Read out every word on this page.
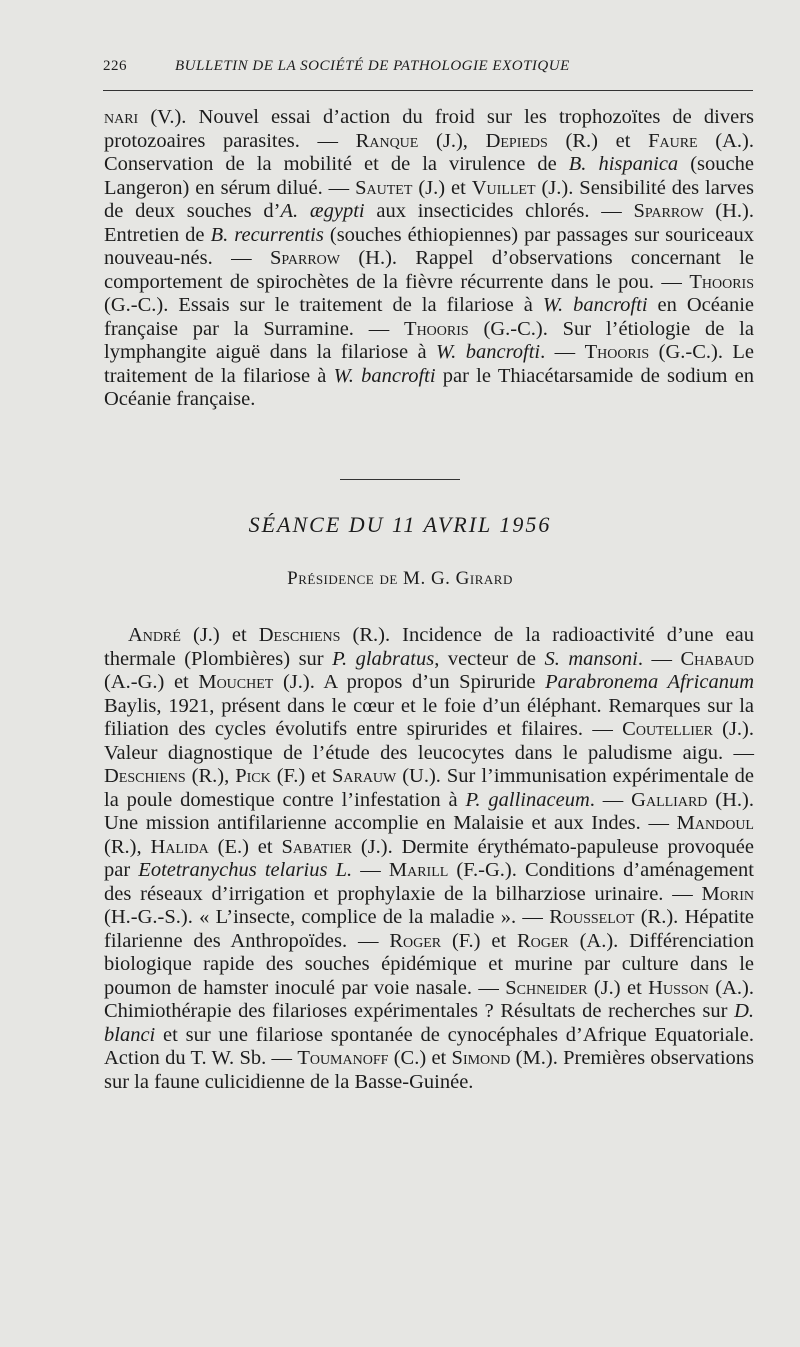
226	BULLETIN DE LA SOCIÉTÉ DE PATHOLOGIE EXOTIQUE

nari (V.). Nouvel essai d’action du froid sur les trophozoïtes de divers protozoaires parasites. — Ranque (J.), Depieds (R.) et Faure (A.). Conservation de la mobilité et de la virulence de B. hispanica (souche Langeron) en sérum dilué. — Sautet (J.) et Vuillet (J.). Sensibilité des larves de deux souches d’A. ægypti aux insecticides chlorés. — Sparrow (H.). Entretien de B. recurrentis (souches éthiopiennes) par passages sur souriceaux nouveau-nés. — Sparrow (H.). Rappel d’observations concernant le comportement de spirochètes de la fièvre récurrente dans le pou. — Thooris (G.-C.). Essais sur le traitement de la filariose à W. bancrofti en Océanie française par la Surramine. — Thooris (G.-C.). Sur l’étiologie de la lymphangite aiguë dans la filariose à W. bancrofti. — Thooris (G.-C.). Le traitement de la filariose à W. bancrofti par le Thiacétarsamide de sodium en Océanie française.

SÉANCE DU 11 AVRIL 1956
Présidence de M. G. Girard

André (J.) et Deschiens (R.). Incidence de la radioactivité d’une eau thermale (Plombières) sur P. glabratus, vecteur de S. mansoni. — Chabaud (A.-G.) et Mouchet (J.). A propos d’un Spiruride Parabronema Africanum Baylis, 1921, présent dans le cœur et le foie d’un éléphant. Remarques sur la filiation des cycles évolutifs entre spirurides et filaires. — Coutellier (J.). Valeur diagnostique de l’étude des leucocytes dans le paludisme aigu. — Deschiens (R.), Pick (F.) et Sarauw (U.). Sur l’immunisation expérimentale de la poule domestique contre l’infestation à P. gallinaceum. — Galliard (H.). Une mission antifilarienne accomplie en Malaisie et aux Indes. — Mandoul (R.), Halida (E.) et Sabatier (J.). Dermite érythémato-papuleuse provoquée par Eotetranychus telarius L. — Marill (F.-G.). Conditions d’aménagement des réseaux d’irrigation et prophylaxie de la bilharziose urinaire. — Morin (H.-G.-S.). « L’insecte, complice de la maladie ». — Rousselot (R.). Hépatite filarienne des Anthropoïdes. — Roger (F.) et Roger (A.). Différenciation biologique rapide des souches épidémique et murine par culture dans le poumon de hamster inoculé par voie nasale. — Schneider (J.) et Husson (A.). Chimiothérapie des filarioses expérimentales ? Résultats de recherches sur D. blanci et sur une filariose spontanée de cynocéphales d’Afrique Equatoriale. Action du T. W. Sb. — Toumanoff (C.) et Simond (M.). Premières observations sur la faune culicidienne de la Basse-Guinée.
